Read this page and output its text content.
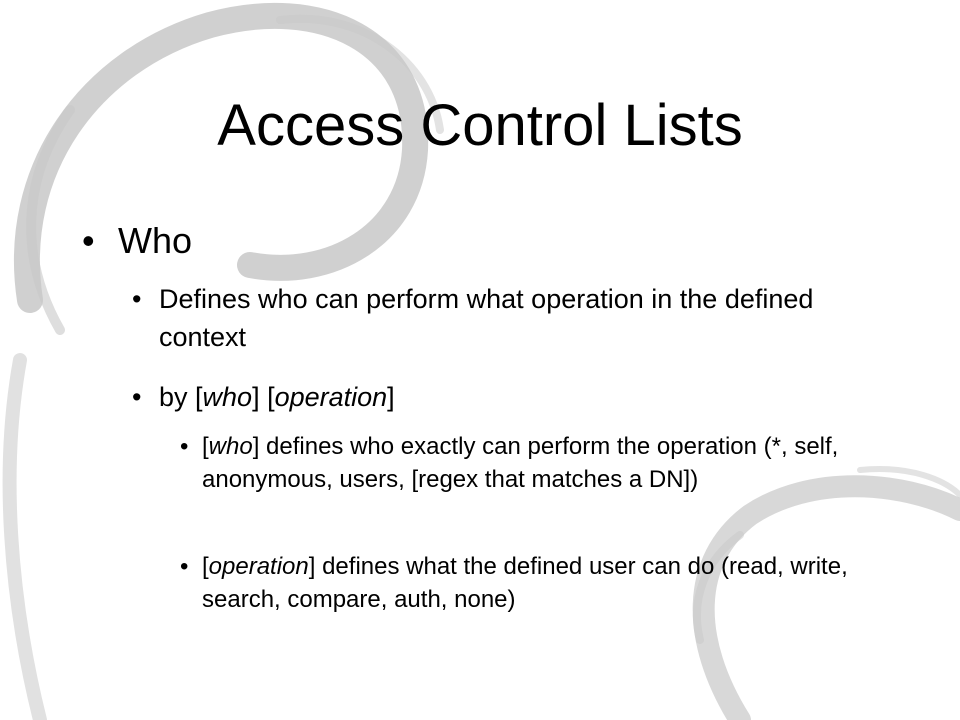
Access Control Lists
• Who
• Defines who can perform what operation in the defined context
• by [who] [operation]
• [who] defines who exactly can perform the operation (*, self, anonymous, users, [regex that matches a DN])
• [operation] defines what the defined user can do (read, write, search, compare, auth, none)
